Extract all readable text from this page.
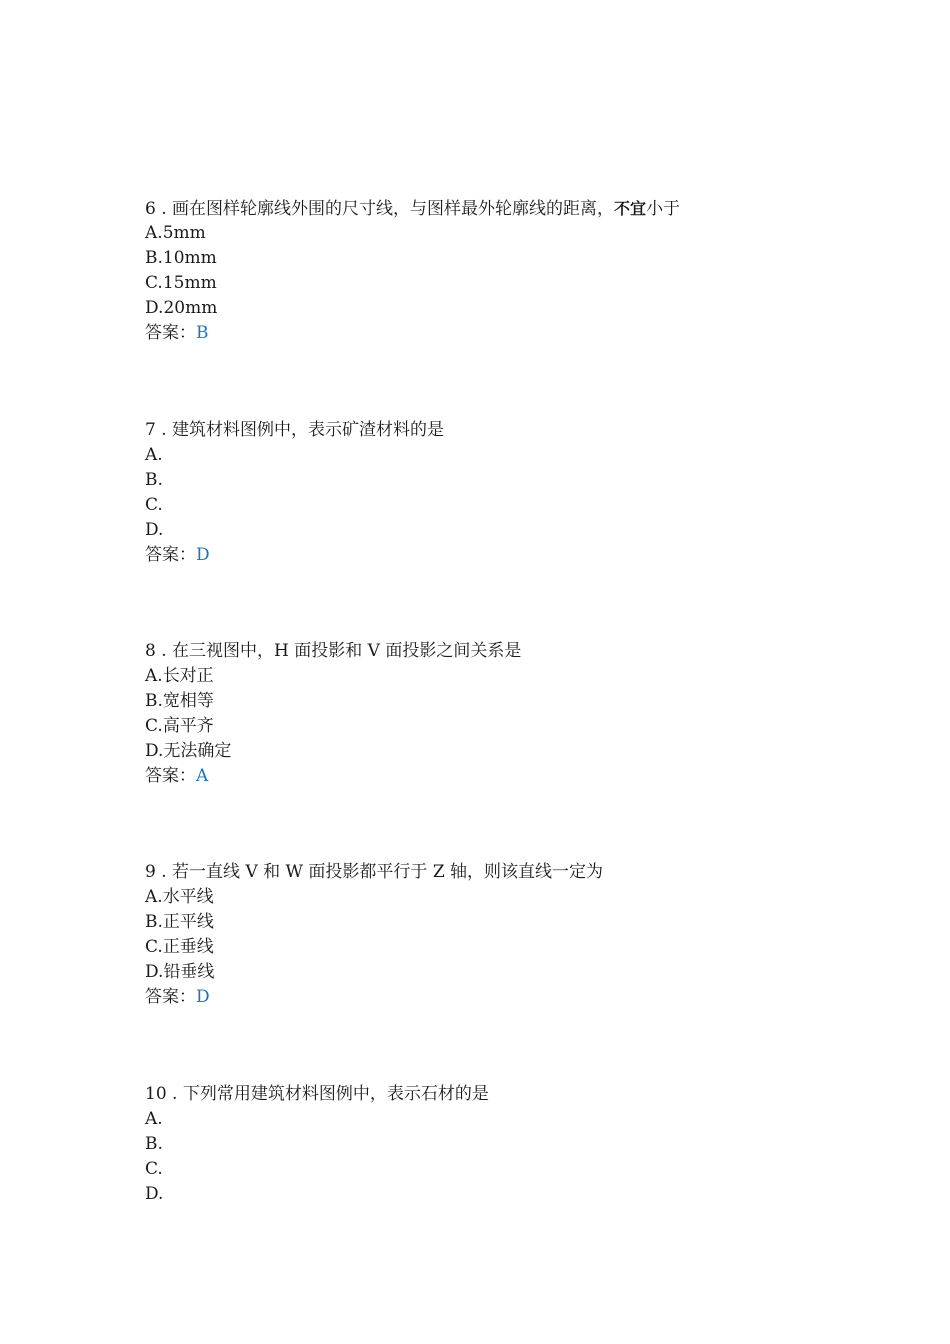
6 . 画在图样轮廓线外围的尺寸线，与图样最外轮廓线的距离，不宜小于
A.5mm
B.10mm
C.15mm
D.20mm
答案：B
7 . 建筑材料图例中，表示矿渣材料的是
A.
B.
C.
D.
答案：D
8 . 在三视图中，H 面投影和 V 面投影之间关系是
A.长对正
B.宽相等
C.高平齐
D.无法确定
答案：A
9 . 若一直线 V 和 W 面投影都平行于 Z 轴，则该直线一定为
A.水平线
B.正平线
C.正垂线
D.铅垂线
答案：D
10 . 下列常用建筑材料图例中，表示石材的是
A.
B.
C.
D.
